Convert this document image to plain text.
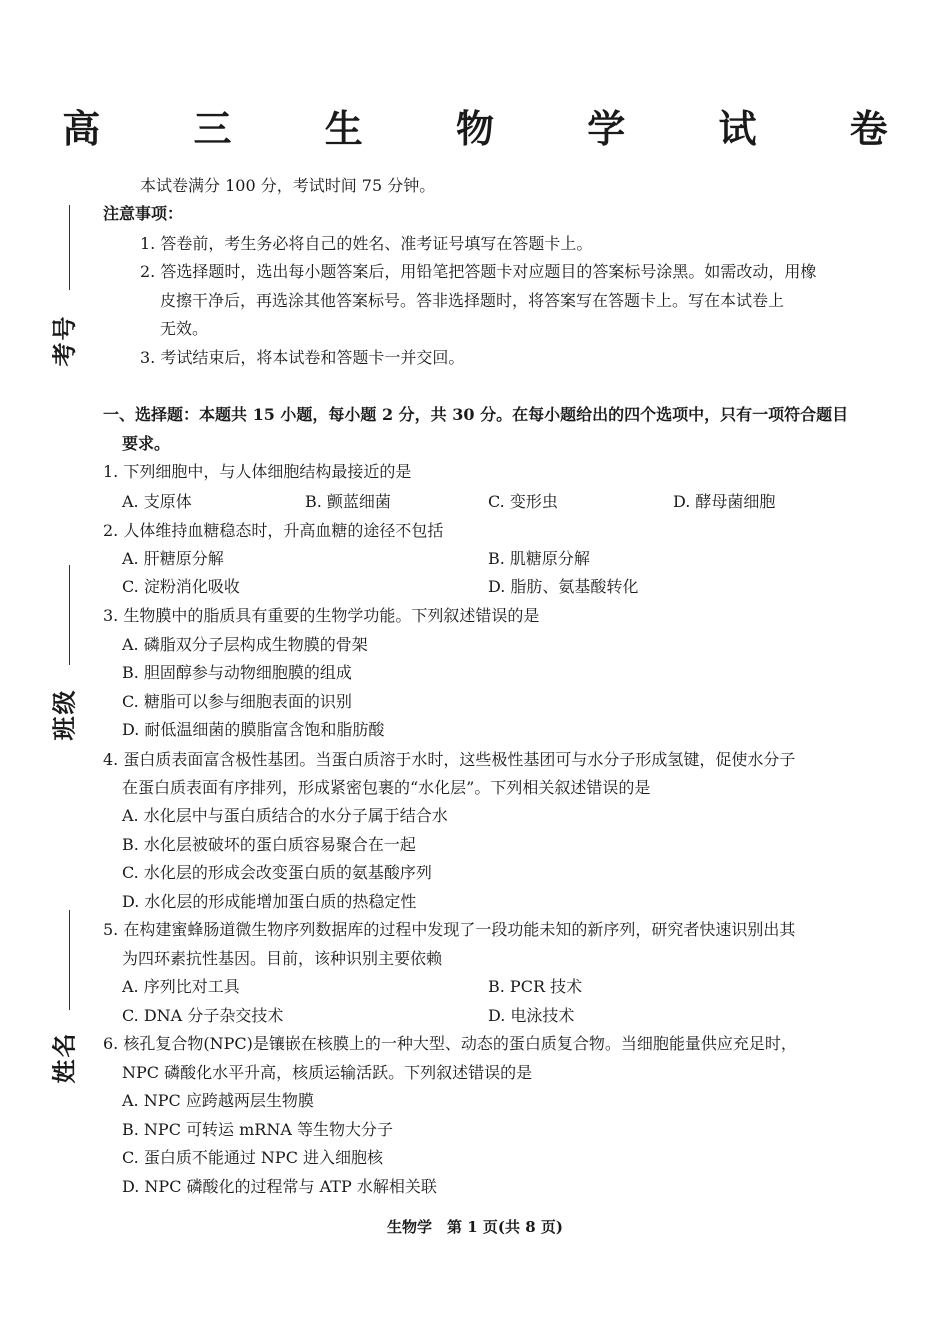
考号
班级
姓名
高 三 生 物 学 试 卷
本试卷满分 100 分，考试时间 75 分钟。
注意事项：
1. 答卷前，考生务必将自己的姓名、准考证号填写在答题卡上。
2. 答选择题时，选出每小题答案后，用铅笔把答题卡对应题目的答案标号涂黑。如需改动，用橡
皮擦干净后，再选涂其他答案标号。答非选择题时，将答案写在答题卡上。写在本试卷上
无效。
3. 考试结束后，将本试卷和答题卡一并交回。
一、选择题：本题共 15 小题，每小题 2 分，共 30 分。在每小题给出的四个选项中，只有一项符合题目
要求。
1. 下列细胞中，与人体细胞结构最接近的是
A. 支原体	B. 颤蓝细菌	C. 变形虫	D. 酵母菌细胞
2. 人体维持血糖稳态时，升高血糖的途径不包括
A. 肝糖原分解	B. 肌糖原分解
C. 淀粉消化吸收	D. 脂肪、氨基酸转化
3. 生物膜中的脂质具有重要的生物学功能。下列叙述错误的是
A. 磷脂双分子层构成生物膜的骨架
B. 胆固醇参与动物细胞膜的组成
C. 糖脂可以参与细胞表面的识别
D. 耐低温细菌的膜脂富含饱和脂肪酸
4. 蛋白质表面富含极性基团。当蛋白质溶于水时，这些极性基团可与水分子形成氢键，促使水分子
在蛋白质表面有序排列，形成紧密包裹的“水化层”。下列相关叙述错误的是
A. 水化层中与蛋白质结合的水分子属于结合水
B. 水化层被破坏的蛋白质容易聚合在一起
C. 水化层的形成会改变蛋白质的氨基酸序列
D. 水化层的形成能增加蛋白质的热稳定性
5. 在构建蜜蜂肠道微生物序列数据库的过程中发现了一段功能未知的新序列，研究者快速识别出其
为四环素抗性基因。目前，该种识别主要依赖
A. 序列比对工具	B. PCR 技术
C. DNA 分子杂交技术	D. 电泳技术
6. 核孔复合物(NPC)是镶嵌在核膜上的一种大型、动态的蛋白质复合物。当细胞能量供应充足时，
NPC 磷酸化水平升高，核质运输活跃。下列叙述错误的是
A. NPC 应跨越两层生物膜
B. NPC 可转运 mRNA 等生物大分子
C. 蛋白质不能通过 NPC 进入细胞核
D. NPC 磷酸化的过程常与 ATP 水解相关联
生物学　第 1 页(共 8 页)
